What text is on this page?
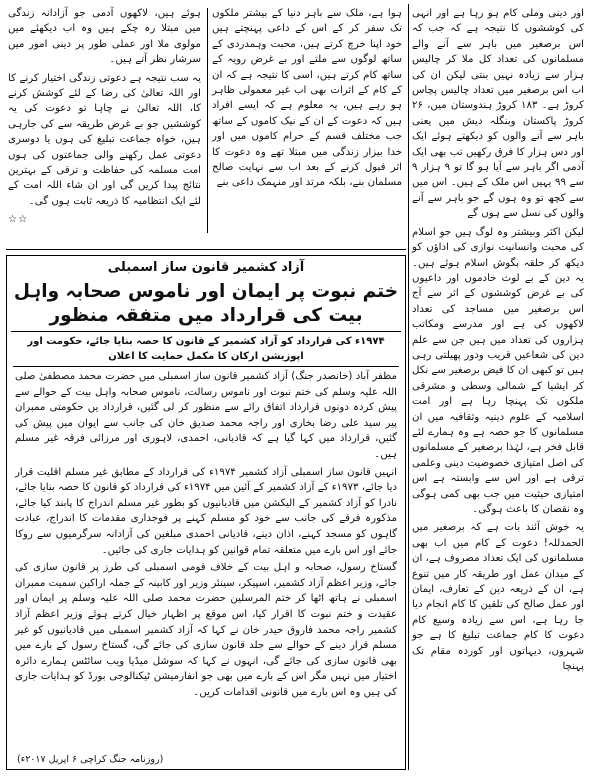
اور دینی وملی کام ہو رہا ہے اور انہی کی کوششوں کا نتیجہ ہے کہ جب کہ اس برصغیر میں باہر سے آنے والے مسلمانوں کی تعداد کل ملا کر چالیس ہزار سے زیادہ نہیں بنتی لیکن ان کی اب اس برصغیر میں تعداد چالیس پچاس کروڑ ہے۔ ۱۸۳ کروڑ ہندوستان میں، ۲۶ کروڑ پاکستان وبنگلہ دیش میں یعنی باہر سے آنے والوں کو دیکھتے ہوئے ایک اور دس ہزار کا فرق رکھیں تب بھی ایک آدمی اگر باہر سے آیا ہو گا تو ۹ ہزار ۹ سے ۹۹ یہیں اس ملک کے ہیں۔ اس میں سے کچھ تو وہ ہوں گے جو باہر سے آنے والوں کی نسل سے ہوں گے

لیکن اکثر وبیشتر وہ لوگ ہیں جو اسلام کی محبت وانسانیت نوازی کی اداؤں کو دیکھ کر حلقہ بگوش اسلام ہوئے ہیں۔ یہ دین کے بے لوث خادموں اور داعیوں کی بے غرض کوششوں کے اثر سے آج اس برصغیر میں مساجد کی تعداد لاکھوں کی ہے اور مدرسے ومکاتب ہزاروں کی تعداد میں ہیں جن سے علم دین کی شعاعیں قریب ودور پھیلتی رہی ہیں تو کبھی ان کا فیض برصغیر سے نکل کر ایشیا کے شمالی وسطی و مشرقی ملکوں تک پہنچا رہا ہے اور امت اسلامیہ کے علوم دینیہ وثقافیہ میں ان مسلمانوں کا جو حصہ ہے وہ ہمارے لئے قابل فخر ہے، لہٰذا برصغیر کے مسلمانوں کی اصل امتیازی خصوصیت دینی وعلمی ترقی ہے اور اس سے وابستہ ہے اس امتیازی حیثیت میں جب بھی کمی ہوگی وہ نقصان کا باعث ہوگی۔

یہ خوش آئند بات ہے کہ برصغیر میں الحمدللہ! دعوت کے کام میں اب بھی مسلمانوں کی ایک تعداد مصروف ہے، ان کے میدان عمل اور طریقہ کار میں تنوع ہے، ان کے ذریعہ دین کے تعارف، ایمان اور عمل صالح کی تلقین کا کام انجام دیا جا رہا ہے، اس سے زیادہ وسیع کام دعوت کا کام جماعت تبلیغ کا ہے جو شہروں، دیہاتوں اور کوردہ مقام تک پہنچا

ہوا ہے، ملک سے باہر دنیا کے بیشتر ملکوں تک سفر کر کے اس کے داعی پہنچتے ہیں خود اپنا خرچ کرتے ہیں، محبت وہمدردی کے ساتھ لوگوں سے ملتے اور بے غرض رویہ کے ساتھ کام کرتے ہیں، اسی کا نتیجہ ہے کہ ان کے کام کے اثرات بھی اب غیر معمولی ظاہر ہو رہے ہیں، یہ معلوم ہے کہ ایسے افراد ہیں کہ دعوت کے ان کے نیک کاموں کے ساتھ جب مختلف قسم کے حرام کاموں میں اور خدا بیزار زندگی میں مبتلا تھے وہ دعوت کا اثر قبول کرنے کے بعد اب سے نہایت صالح مسلمان بنے، بلکہ مرتد اور منہمک داعی بنے

ہوئے ہیں، لاکھوں آدمی جو آزادانہ زندگی میں مبتلا رہ چکے ہیں وہ اب دیکھئے میں مولوی ملا اور عملی طور پر دینی امور میں سرشار نظر آتے ہیں۔

یہ سب نتیجہ ہے دعوتی زندگی اختیار کرنے کا اور اللہ تعالیٰ کی رضا کے لئے کوشش کرنے کا، اللہ تعالیٰ نے چاہا تو دعوت کی یہ کوششیں جو بے غرض طریقہ سے کی جارہی ہیں، خواہ جماعت تبلیغ کی ہوں یا دوسری دعوتی عمل رکھنے والی جماعتوں کی ہوں امت مسلمہ کی حفاظت و ترقی کے بہترین نتائج پیدا کریں گی اور ان شاء اللہ امت کے لئے ایک انتظامیہ کا ذریعہ ثابت ہوں گی۔

☆☆

آزاد کشمیر قانون ساز اسمبلی
ختم نبوت پر ایمان اور ناموس صحابہ واہل بیت کی قرارداد میں متفقہ منظور
۱۹۷۴ء کی قرارداد کو آزاد کشمیر کے قانون کا حصہ بنایا جائے، حکومت اور اپوزیشن ارکان کا مکمل حمایت کا اعلان

مظفر آباد (خانصدر جنگ) آزاد کشمیر قانون ساز اسمبلی میں حضرت محمد مصطفیٰ صلی اللہ علیہ وسلم کی ختم نبوت اور ناموس رسالت، ناموس صحابہ واہل بیت کے حوالے سے پیش کردہ دونوں قرارداد اتفاق رائے سے منظور کر لی گئیں، قرارداد یں حکومتی ممبران پیر سید علی رضا بخاری اور راجہ محمد صدیق خان کی جانب سے ایوان میں پیش کی گئیں، قرارداد میں کہا گیا ہے کہ قادیانی، احمدی، لاہوری اور مرزائی فرقہ غیر مسلم ہیں۔

انہیں قانون ساز اسمبلی آزاد کشمیر ۱۹۷۴ء کی قرارداد کے مطابق غیر مسلم اقلیت قرار دیا جائے، ۱۹۷۳ء کے آزاد کشمیر کے آئین میں ۱۹۷۴ء کی قرارداد کو قانون کا حصہ بنایا جائے، نادرا کو آزاد کشمیر کے الیکشن میں قادیانیوں کو بطور غیر مسلم اندراج کا پابند کیا جائے، مذکورہ فرقے کی جانب سے خود کو مسلم کہنے پر فوجداری مقدمات کا اندراج، عبادت گاہوں کو مسجد کہنے، اذان دینے، قادیانی احمدی مبلغین کی آزادانہ سرگرمیوں سے روکا جائے اور اس بارے میں متعلقہ تمام قوانین کو ہدایات جاری کی جائیں۔

گستاخ رسول، صحابہ و اہل بیت کے خلاف قومی اسمبلی کی طرز پر قانون سازی کی جائے، وزیر اعظم آزاد کشمیر، اسپیکر، سینئر وزیر اور کابینہ کے جملہ اراکین سمیت ممبران اسمبلی نے ہاتھ اٹھا کر ختم المرسلین حضرت محمد صلی اللہ علیہ وسلم پر ایمان اور عقیدت و ختم نبوت کا اقرار کیا، اس موقع پر اظہار خیال کرتے ہوئے وزیر اعظم آزاد کشمیر راجہ محمد فاروق حیدر خان نے کہا کہ آزاد کشمیر اسمبلی میں قادیانیوں کو غیر مسلم قرار دینے کے حوالے سے جلد قانون سازی کی جائے گی، گستاخ رسول کے بارے میں بھی قانون سازی کی جائے گی، انہوں نے کہا کہ سوشل میڈیا ویب سائٹس ہمارے دائرہ اختیار میں نہیں مگر اس کے بارے میں بھی جو انفارمیشن ٹیکنالوجی بورڈ کو ہدایات جاری کی ہیں وہ اس بارے میں قانونی اقدامات کریں۔

(روزنامہ جنگ کراچی ۶ اپریل ۲۰۱۷ء)
